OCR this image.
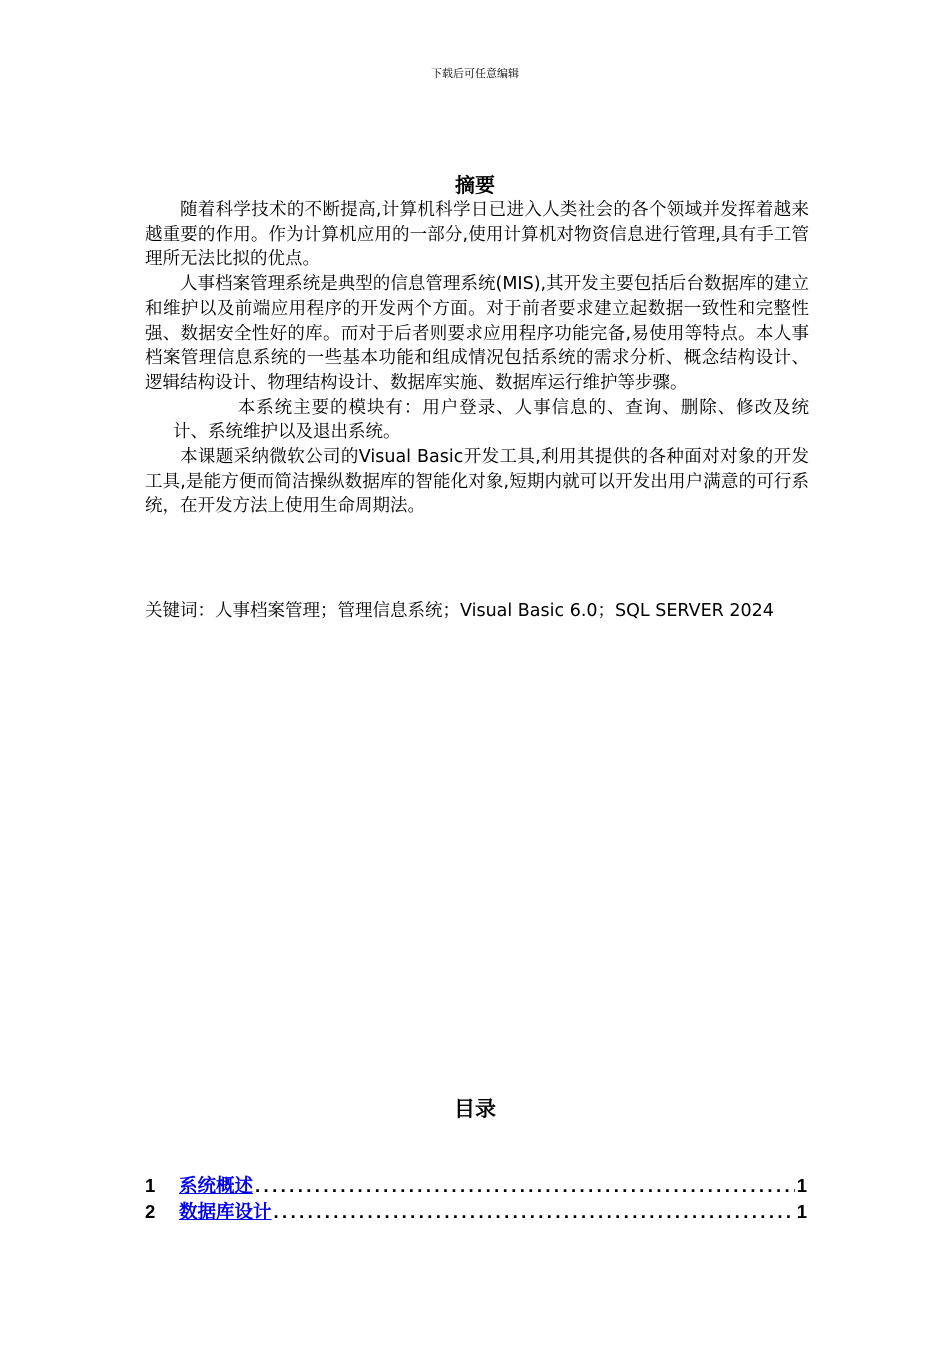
下载后可任意编辑
摘要

随着科学技术的不断提高,计算机科学日已进入人类社会的各个领域并发挥着越来越重要的作用。作为计算机应用的一部分,使用计算机对物资信息进行管理,具有手工管理所无法比拟的优点。

人事档案管理系统是典型的信息管理系统(MIS),其开发主要包括后台数据库的建立和维护以及前端应用程序的开发两个方面。对于前者要求建立起数据一致性和完整性强、数据安全性好的库。而对于后者则要求应用程序功能完备,易使用等特点。本人事档案管理信息系统的一些基本功能和组成情况包括系统的需求分析、概念结构设计、逻辑结构设计、物理结构设计、数据库实施、数据库运行维护等步骤。

本系统主要的模块有：用户登录、人事信息的、查询、删除、修改及统计、系统维护以及退出系统。

本课题采纳微软公司的Visual Basic开发工具,利用其提供的各种面对对象的开发工具,是能方便而简洁操纵数据库的智能化对象,短期内就可以开发出用户满意的可行系统，在开发方法上使用生命周期法。

关键词：人事档案管理；管理信息系统；Visual Basic 6.0；SQL SERVER 2024
目录
1	系统概述 .....	1
2	数据库设计 .....	1
